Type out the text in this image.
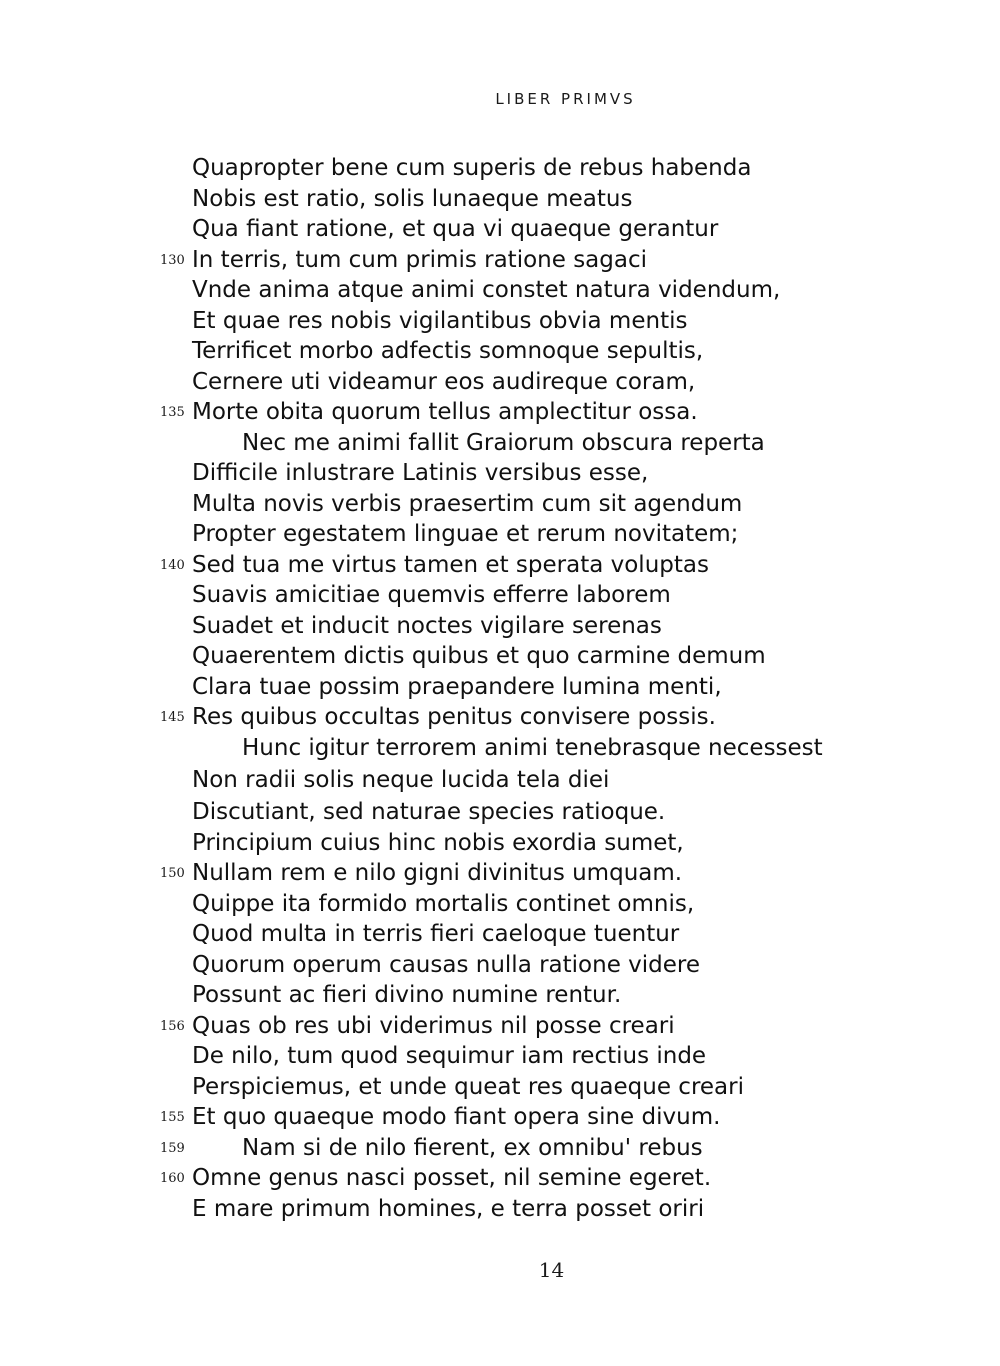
LIBER PRIMVS
Quapropter bene cum superis de rebus habenda
Nobis est ratio, solis lunaeque meatus
Qua fiant ratione, et qua vi quaeque gerantur
130 In terris, tum cum primis ratione sagaci
Vnde anima atque animi constet natura videndum,
Et quae res nobis vigilantibus obvia mentis
Terrificet morbo adfectis somnoque sepultis,
Cernere uti videamur eos audireque coram,
135 Morte obita quorum tellus amplectitur ossa.
Nec me animi fallit Graiorum obscura reperta
Difficile inlustrare Latinis versibus esse,
Multa novis verbis praesertim cum sit agendum
Propter egestatem linguae et rerum novitatem;
140 Sed tua me virtus tamen et sperata voluptas
Suavis amicitiae quemvis efferre laborem
Suadet et inducit noctes vigilare serenas
Quaerentem dictis quibus et quo carmine demum
Clara tuae possim praepandere lumina menti,
145 Res quibus occultas penitus convisere possis.
Hunc igitur terrorem animi tenebrasque necessest
Non radii solis neque lucida tela diei
Discutiant, sed naturae species ratioque.
Principium cuius hinc nobis exordia sumet,
150 Nullam rem e nilo gigni divinitus umquam.
Quippe ita formido mortalis continet omnis,
Quod multa in terris fieri caeloque tuentur
Quorum operum causas nulla ratione videre
Possunt ac fieri divino numine rentur.
156 Quas ob res ubi viderimus nil posse creari
De nilo, tum quod sequimur iam rectius inde
Perspiciemus, et unde queat res quaeque creari
155 Et quo quaeque modo fiant opera sine divum.
159 Nam si de nilo fierent, ex omnibu' rebus
160 Omne genus nasci posset, nil semine egeret.
E mare primum homines, e terra posset oriri
14
